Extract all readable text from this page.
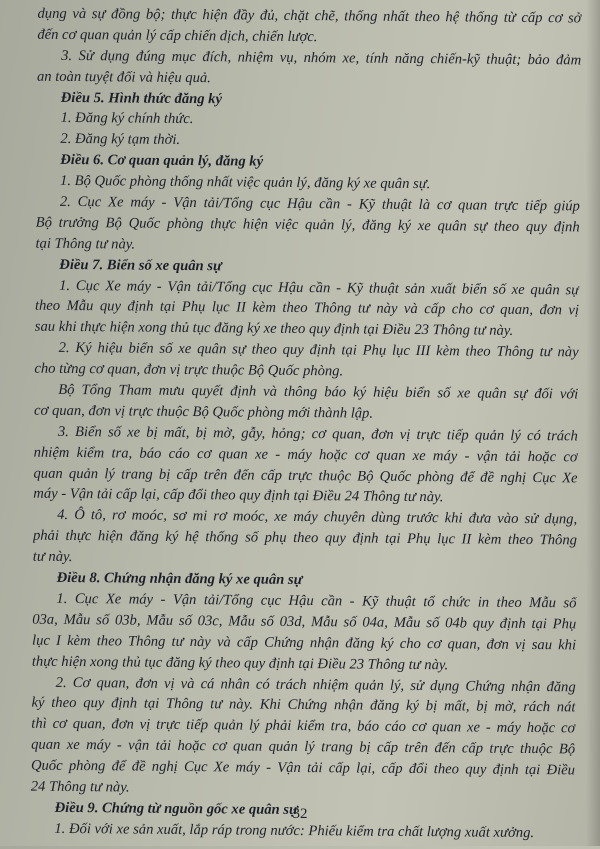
dụng và sự đồng bộ; thực hiện đầy đủ, chặt chẽ, thống nhất theo hệ thống từ cấp cơ sở
đến cơ quan quản lý cấp chiến dịch, chiến lược.
3. Sử dụng đúng mục đích, nhiệm vụ, nhóm xe, tính năng chiến-kỹ thuật; bảo đảm
an toàn tuyệt đối và hiệu quả.
Điều 5. Hình thức đăng ký
1. Đăng ký chính thức.
2. Đăng ký tạm thời.
Điều 6. Cơ quan quản lý, đăng ký
1. Bộ Quốc phòng thống nhất việc quản lý, đăng ký xe quân sự.
2. Cục Xe máy - Vận tải/Tổng cục Hậu cần - Kỹ thuật là cơ quan trực tiếp giúp
Bộ trưởng Bộ Quốc phòng thực hiện việc quản lý, đăng ký xe quân sự theo quy định
tại Thông tư này.
Điều 7. Biển số xe quân sự
1. Cục Xe máy - Vận tải/Tổng cục Hậu cần - Kỹ thuật sản xuất biển số xe quân sự
theo Mẫu quy định tại Phụ lục II kèm theo Thông tư này và cấp cho cơ quan, đơn vị
sau khi thực hiện xong thủ tục đăng ký xe theo quy định tại Điều 23 Thông tư này.
2. Ký hiệu biển số xe quân sự theo quy định tại Phụ lục III kèm theo Thông tư này
cho từng cơ quan, đơn vị trực thuộc Bộ Quốc phòng.
Bộ Tổng Tham mưu quyết định và thông báo ký hiệu biển số xe quân sự đối với
cơ quan, đơn vị trực thuộc Bộ Quốc phòng mới thành lập.
3. Biển số xe bị mất, bị mờ, gẫy, hỏng; cơ quan, đơn vị trực tiếp quản lý có trách
nhiệm kiểm tra, báo cáo cơ quan xe - máy hoặc cơ quan xe máy - vận tải hoặc cơ
quan quản lý trang bị cấp trên đến cấp trực thuộc Bộ Quốc phòng để đề nghị Cục Xe
máy - Vận tải cấp lại, cấp đổi theo quy định tại Điều 24 Thông tư này.
4. Ô tô, rơ moóc, sơ mi rơ moóc, xe máy chuyên dùng trước khi đưa vào sử dụng,
phải thực hiện đăng ký hệ thống số phụ theo quy định tại Phụ lục II kèm theo Thông
tư này.
Điều 8. Chứng nhận đăng ký xe quân sự
1. Cục Xe máy - Vận tải/Tổng cục Hậu cần - Kỹ thuật tổ chức in theo Mẫu số
03a, Mẫu số 03b, Mẫu số 03c, Mẫu số 03d, Mẫu số 04a, Mẫu số 04b quy định tại Phụ
lục I kèm theo Thông tư này và cấp Chứng nhận đăng ký cho cơ quan, đơn vị sau khi
thực hiện xong thủ tục đăng ký theo quy định tại Điều 23 Thông tư này.
2. Cơ quan, đơn vị và cá nhân có trách nhiệm quản lý, sử dụng Chứng nhận đăng
ký theo quy định tại Thông tư này. Khi Chứng nhận đăng ký bị mất, bị mờ, rách nát
thì cơ quan, đơn vị trực tiếp quản lý phải kiểm tra, báo cáo cơ quan xe - máy hoặc cơ
quan xe máy - vận tải hoặc cơ quan quản lý trang bị cấp trên đến cấp trực thuộc Bộ
Quốc phòng để đề nghị Cục Xe máy - Vận tải cấp lại, cấp đổi theo quy định tại Điều
24 Thông tư này.
Điều 9. Chứng từ nguồn gốc xe quân sự
1. Đối với xe sản xuất, lắp ráp trong nước: Phiếu kiểm tra chất lượng xuất xưởng.
32
